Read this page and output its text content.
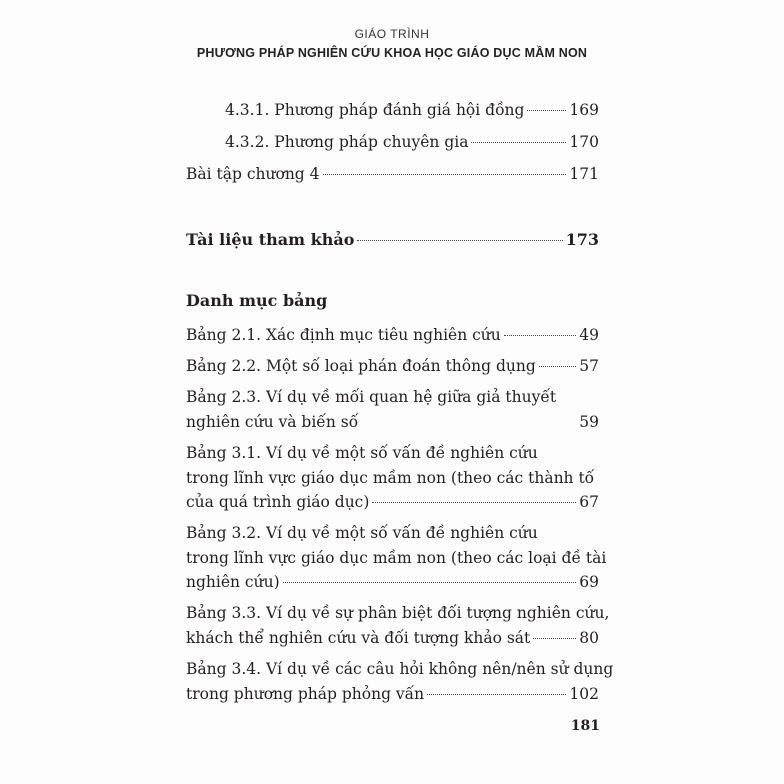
GIÁO TRÌNH
PHƯƠNG PHÁP NGHIÊN CỨU KHOA HỌC GIÁO DỤC MẦM NON
4.3.1. Phương pháp đánh giá hội đồng	169
4.3.2. Phương pháp chuyên gia	170
Bài tập chương 4	171
Tài liệu tham khảo	173
Danh mục bảng
Bảng 2.1. Xác định mục tiêu nghiên cứu	49
Bảng 2.2. Một số loại phán đoán thông dụng	57
Bảng 2.3. Ví dụ về mối quan hệ giữa giả thuyết
nghiên cứu và biến số	59
Bảng 3.1. Ví dụ về một số vấn đề nghiên cứu
trong lĩnh vực giáo dục mầm non (theo các thành tố
của quá trình giáo dục)	67
Bảng 3.2. Ví dụ về một số vấn đề nghiên cứu
trong lĩnh vực giáo dục mầm non (theo các loại đề tài
nghiên cứu)	69
Bảng 3.3. Ví dụ về sự phân biệt đối tượng nghiên cứu,
khách thể nghiên cứu và đối tượng khảo sát	80
Bảng 3.4. Ví dụ về các câu hỏi không nên/nên sử dụng
trong phương pháp phỏng vấn	102
181
